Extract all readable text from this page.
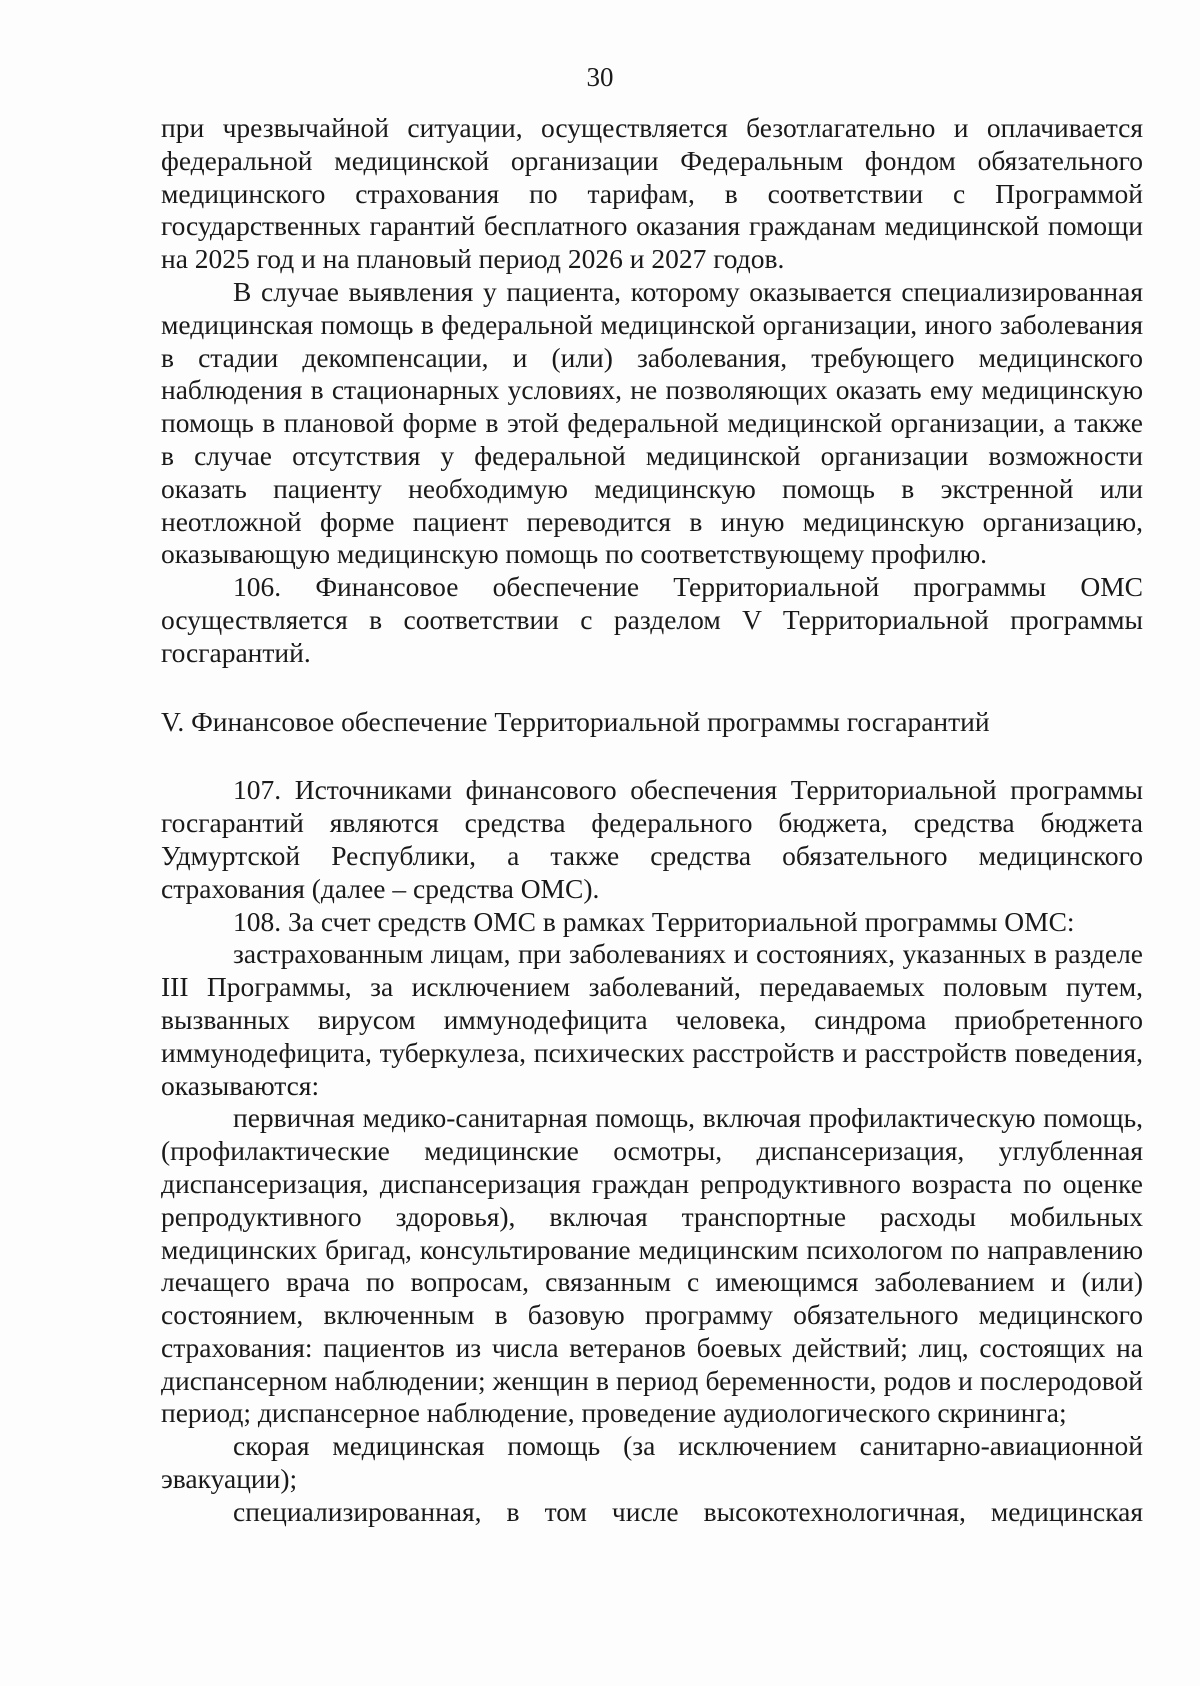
30

при чрезвычайной ситуации, осуществляется безотлагательно и оплачивается федеральной медицинской организации Федеральным фондом обязательного медицинского страхования по тарифам, в соответствии с Программой государственных гарантий бесплатного оказания гражданам медицинской помощи на 2025 год и на плановый период 2026 и 2027 годов.

В случае выявления у пациента, которому оказывается специализированная медицинская помощь в федеральной медицинской организации, иного заболевания в стадии декомпенсации, и (или) заболевания, требующего медицинского наблюдения в стационарных условиях, не позволяющих оказать ему медицинскую помощь в плановой форме в этой федеральной медицинской организации, а также в случае отсутствия у федеральной медицинской организации возможности оказать пациенту необходимую медицинскую помощь в экстренной или неотложной форме пациент переводится в иную медицинскую организацию, оказывающую медицинскую помощь по соответствующему профилю.

106. Финансовое обеспечение Территориальной программы ОМС осуществляется в соответствии с разделом V Территориальной программы госгарантий.

V. Финансовое обеспечение Территориальной программы госгарантий

107. Источниками финансового обеспечения Территориальной программы госгарантий являются средства федерального бюджета, средства бюджета Удмуртской Республики, а также средства обязательного медицинского страхования (далее – средства ОМС).

108. За счет средств ОМС в рамках Территориальной программы ОМС:

застрахованным лицам, при заболеваниях и состояниях, указанных в разделе III Программы, за исключением заболеваний, передаваемых половым путем, вызванных вирусом иммунодефицита человека, синдрома приобретенного иммунодефицита, туберкулеза, психических расстройств и расстройств поведения, оказываются:

первичная медико-санитарная помощь, включая профилактическую помощь, (профилактические медицинские осмотры, диспансеризация, углубленная диспансеризация, диспансеризация граждан репродуктивного возраста по оценке репродуктивного здоровья), включая транспортные расходы мобильных медицинских бригад, консультирование медицинским психологом по направлению лечащего врача по вопросам, связанным с имеющимся заболеванием и (или) состоянием, включенным в базовую программу обязательного медицинского страхования: пациентов из числа ветеранов боевых действий; лиц, состоящих на диспансерном наблюдении; женщин в период беременности, родов и послеродовой период; диспансерное наблюдение, проведение аудиологического скрининга;

скорая медицинская помощь (за исключением санитарно-авиационной эвакуации);

специализированная, в том числе высокотехнологичная, медицинская
